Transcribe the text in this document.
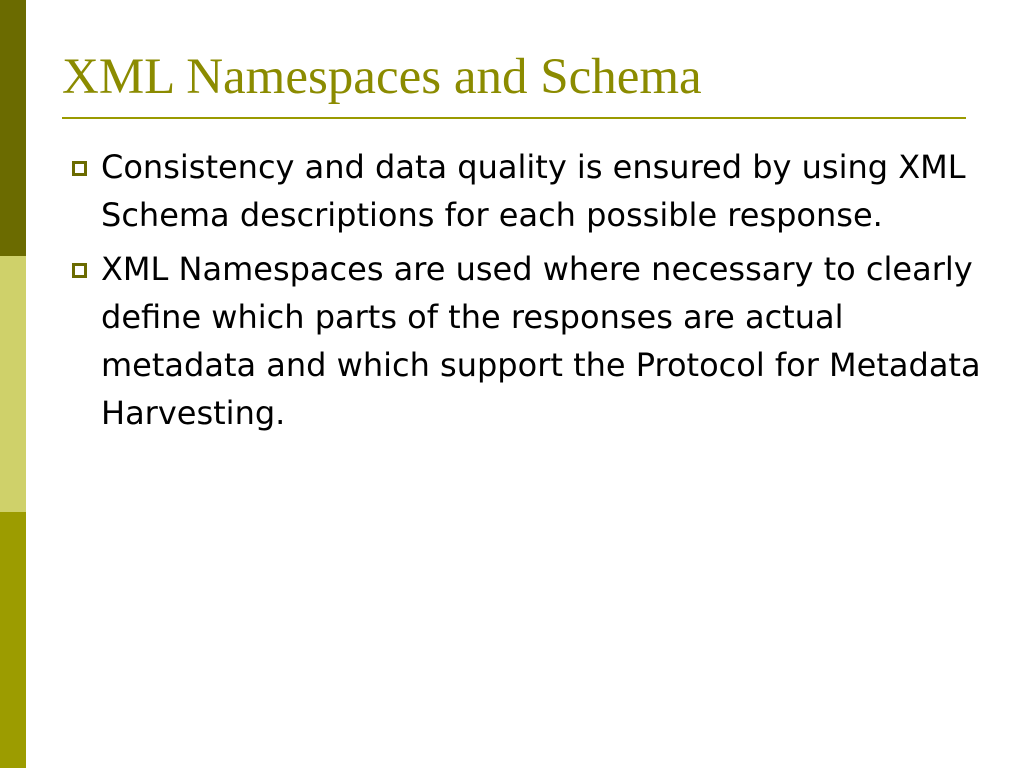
XML Namespaces and Schema
Consistency and data quality is ensured by using XML Schema descriptions for each possible response.
XML Namespaces are used where necessary to clearly define which parts of the responses are actual metadata and which support the Protocol for Metadata Harvesting.
